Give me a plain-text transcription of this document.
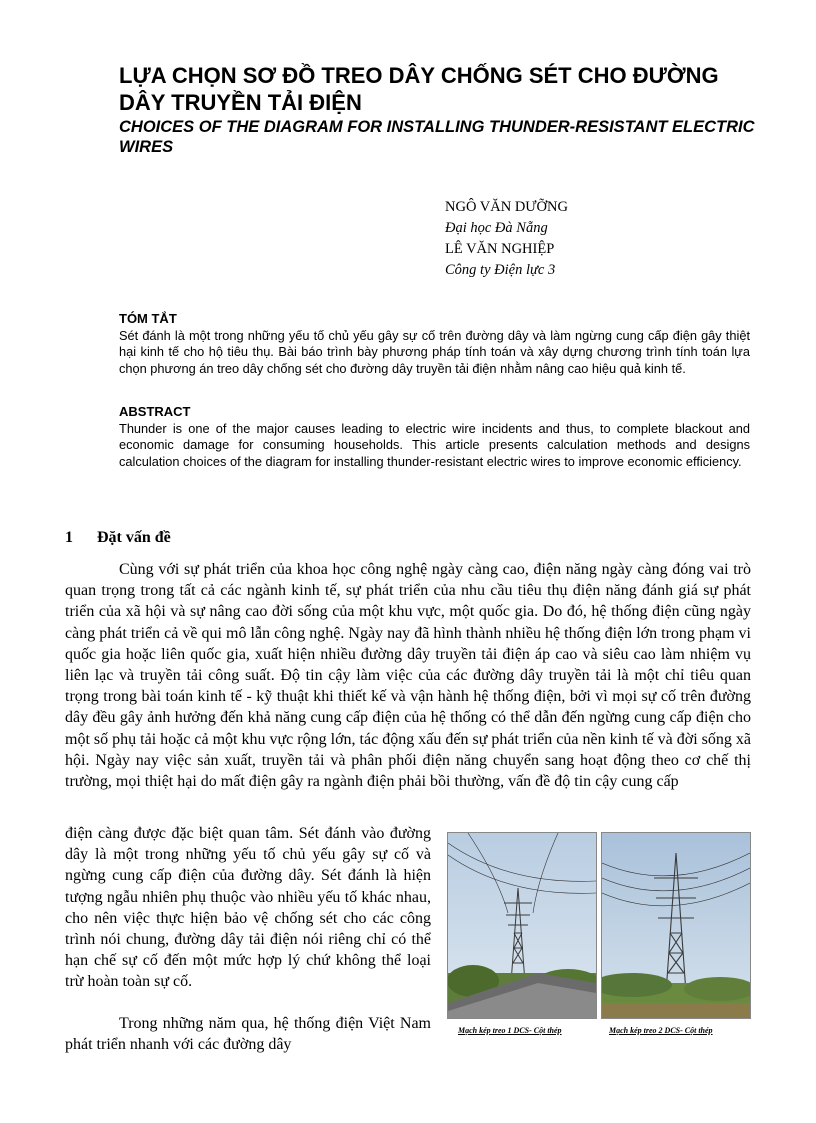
LỰA CHỌN SƠ ĐỒ TREO DÂY CHỐNG SÉT CHO ĐƯỜNG DÂY TRUYỀN TẢI ĐIỆN
CHOICES OF THE DIAGRAM FOR INSTALLING THUNDER-RESISTANT ELECTRIC WIRES
NGÔ VĂN DƯỠNG
Đại học Đà Nẵng
LÊ VĂN NGHIỆP
Công ty Điện lực 3

TÓM TẮT

Sét đánh là một trong những yếu tố chủ yếu gây sự cố trên đường dây và làm ngừng cung cấp điện gây thiệt hại kinh tế cho hộ tiêu thụ. Bài báo trình bày phương pháp tính toán và xây dựng chương trình tính toán lựa chọn phương án treo dây chống sét cho đường dây truyền tải điện nhằm nâng cao hiệu quả kinh tế.

ABSTRACT

Thunder is one of the major causes leading to electric wire incidents and thus, to complete blackout and economic damage for consuming households. This article presents calculation methods and designs calculation choices of the diagram for installing thunder-resistant electric wires to improve economic efficiency.

1 Đặt vấn đề

Cùng với sự phát triển của khoa học công nghệ ngày càng cao, điện năng ngày càng đóng vai trò quan trọng trong tất cả các ngành kinh tế, sự phát triển của nhu cầu tiêu thụ điện năng đánh giá sự phát triển của xã hội và sự nâng cao đời sống của một khu vực, một quốc gia. Do đó, hệ thống điện cũng ngày càng phát triển cả về qui mô lẫn công nghệ. Ngày nay đã hình thành nhiều hệ thống điện lớn trong phạm vi quốc gia hoặc liên quốc gia, xuất hiện nhiều đường dây truyền tải điện áp cao và siêu cao làm nhiệm vụ liên lạc và truyền tải công suất. Độ tin cậy làm việc của các đường dây truyền tải là một chỉ tiêu quan trọng trong bài toán kinh tế - kỹ thuật khi thiết kế và vận hành hệ thống điện, bởi vì mọi sự cố trên đường dây đều gây ảnh hưởng đến khả năng cung cấp điện của hệ thống có thể dẫn đến ngừng cung cấp điện cho một số phụ tải hoặc cả một khu vực rộng lớn, tác động xấu đến sự phát triển của nền kinh tế và đời sống xã hội. Ngày nay việc sản xuất, truyền tải và phân phối điện năng chuyển sang hoạt động theo cơ chế thị trường, mọi thiệt hại do mất điện gây ra ngành điện phải bồi thường, vấn đề độ tin cậy cung cấp

điện càng được đặc biệt quan tâm. Sét đánh vào đường dây là một trong những yếu tố chủ yếu gây sự cố và ngừng cung cấp điện của đường dây. Sét đánh là hiện tượng ngẫu nhiên phụ thuộc vào nhiều yếu tố khác nhau, cho nên việc thực hiện bảo vệ chống sét cho các công trình nói chung, đường dây tải điện nói riêng chỉ có thể hạn chế sự cố đến một mức hợp lý chứ không thể loại trừ hoàn toàn sự cố.

Trong những năm qua, hệ thống điện Việt Nam phát triển nhanh với các đường dây

Mạch kép treo 1 DCS- Cột thép	Mạch kép treo 2 DCS- Cột thép
